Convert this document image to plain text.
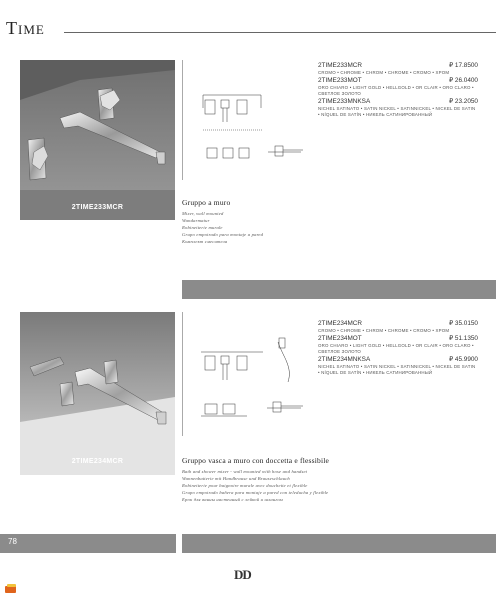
TIME
2TIME233MCR
2TIME233MCR	₽ 17.8500
CROMO • CHROME • CHROM • CHROME • CROMO • ХРОМ
2TIME233MOT	₽ 26.0400
ORO CHIARO • LIGHT GOLD • HELLGOLD • OR CLAIR • ORO CLARO • СВЕТЛОЕ ЗОЛОТО
2TIME233MNKSA	₽ 23.2050
NICHEL SATINATO • SATIN NICKEL • SATINNICKEL • NICKEL DE SATIN • NÍQUEL DE SATÍN • НИКЕЛЬ САТИНИРОВАННЫЙ
Gruppo a muro
Mixer, wall mounted
Wandarmatur
Robinetterie murale
Grupo empotrado para montaje a pared
Комплект смесителя
2TIME234MCR
2TIME234MCR	₽ 35.0150
CROMO • CHROME • CHROM • CHROME • CROMO • ХРОМ
2TIME234MOT	₽ 51.1350
ORO CHIARO • LIGHT GOLD • HELLGOLD • OR CLAIR • ORO CLARO • СВЕТЛОЕ ЗОЛОТО
2TIME234MNKSA	₽ 45.9900
NICHEL SATINATO • SATIN NICKEL • SATINNICKEL • NICKEL DE SATIN • NÍQUEL DE SATÍN • НИКЕЛЬ САТИНИРОВАННЫЙ
Gruppo vasca a muro con doccetta e flessibile
Bath and shower mixer - wall mounted with hose and handset
Wannenbatterie mit Handbrause und Brauseschlauch
Robinetterie pour baignoire murale avec douchette et flexible
Grupo empotrado bañera para montaje a pared con teleducha y flexible
Ерок для ванны настенный с лейкой и шлангом
78
DD
